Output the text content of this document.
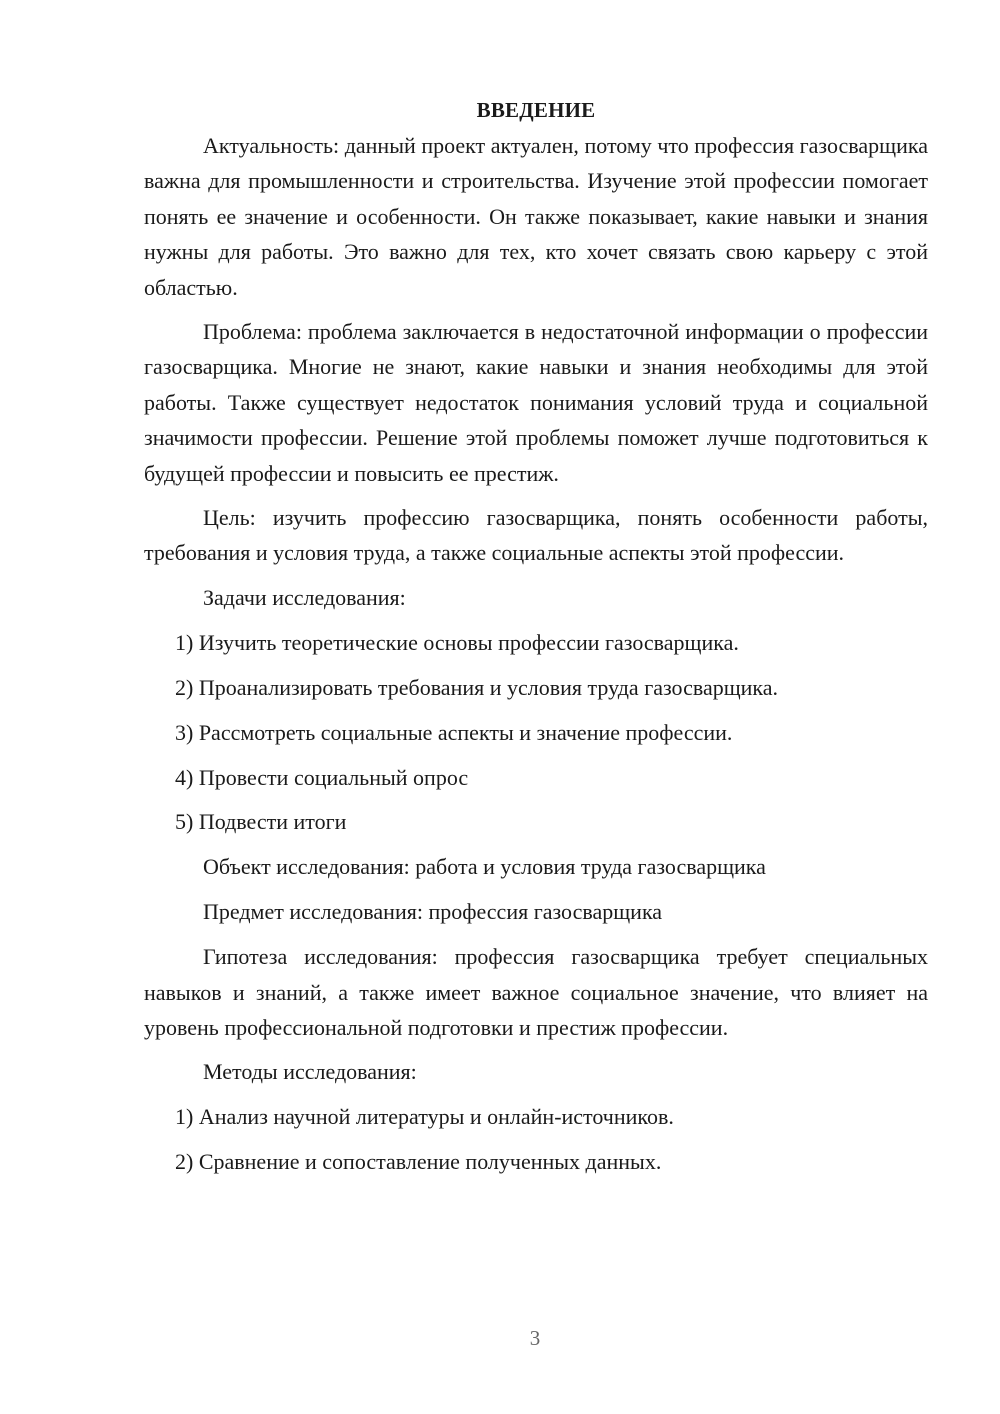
ВВЕДЕНИЕ

Актуальность: данный проект актуален, потому что профессия газосварщика важна для промышленности и строительства. Изучение этой профессии помогает понять ее значение и особенности. Он также показывает, какие навыки и знания нужны для работы. Это важно для тех, кто хочет связать свою карьеру с этой областью.

Проблема: проблема заключается в недостаточной информации о профессии газосварщика. Многие не знают, какие навыки и знания необходимы для этой работы. Также существует недостаток понимания условий труда и социальной значимости профессии. Решение этой проблемы поможет лучше подготовиться к будущей профессии и повысить ее престиж.

Цель: изучить профессию газосварщика, понять особенности работы, требования и условия труда, а также социальные аспекты этой профессии.

Задачи исследования:
1) Изучить теоретические основы профессии газосварщика.
2) Проанализировать требования и условия труда газосварщика.
3) Рассмотреть социальные аспекты и значение профессии.
4) Провести социальный опрос
5) Подвести итоги
Объект исследования: работа и условия труда газосварщика
Предмет исследования: профессия газосварщика

Гипотеза исследования: профессия газосварщика требует специальных навыков и знаний, а также имеет важное социальное значение, что влияет на уровень профессиональной подготовки и престиж профессии.

Методы исследования:
1) Анализ научной литературы и онлайн-источников.
2) Сравнение и сопоставление полученных данных.
3
